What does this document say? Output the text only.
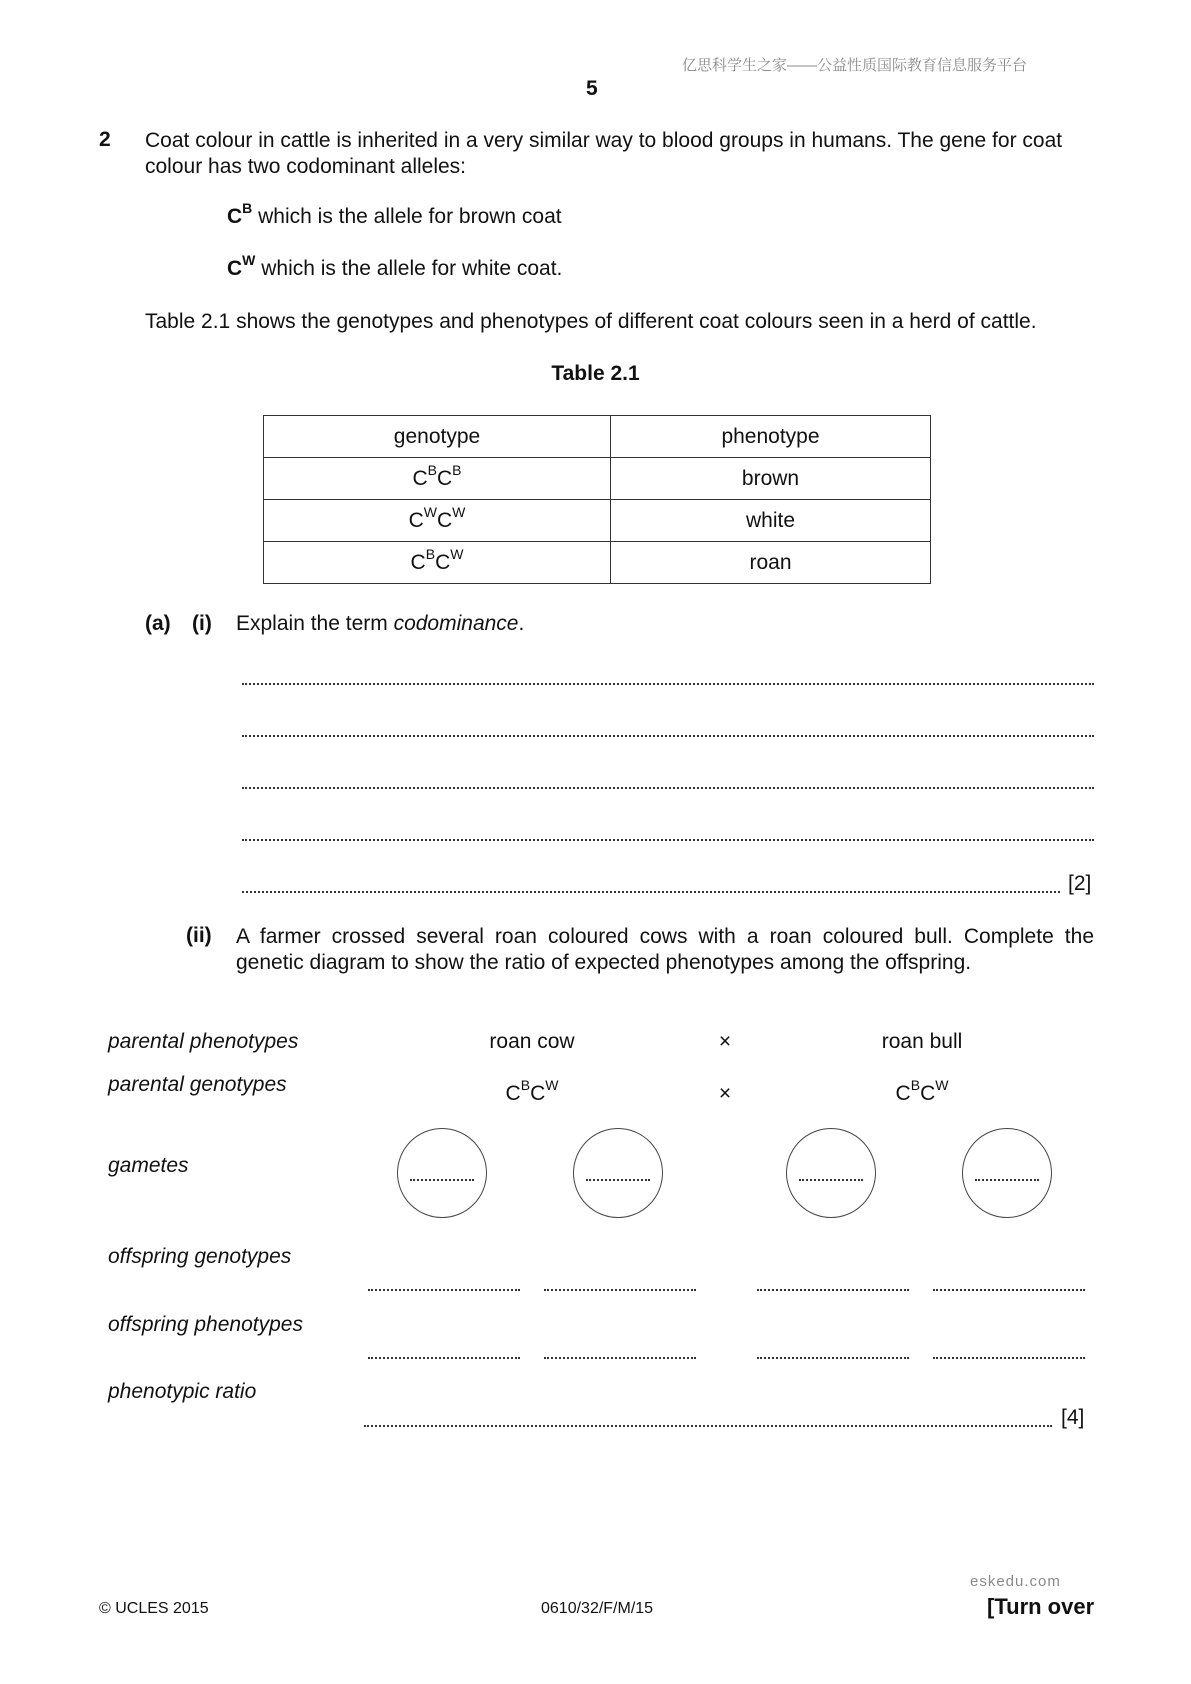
亿思科学生之家——公益性质国际教育信息服务平台
5
2 Coat colour in cattle is inherited in a very similar way to blood groups in humans. The gene for coat colour has two codominant alleles:
$C^B$ which is the allele for brown coat
$C^W$ which is the allele for white coat.
Table 2.1 shows the genotypes and phenotypes of different coat colours seen in a herd of cattle.
Table 2.1
genotype	phenotype
$C^BC^B$	brown
$C^WC^W$	white
$C^BC^W$	roan
(a) (i) Explain the term codominance.
[2]
(ii) A farmer crossed several roan coloured cows with a roan coloured bull. Complete the genetic diagram to show the ratio of expected phenotypes among the offspring.
parental phenotypes	roan cow	×	roan bull
parental genotypes	$C^BC^W$	×	$C^BC^W$
gametes
offspring genotypes
offspring phenotypes
phenotypic ratio
[4]
eskedu.com
© UCLES 2015	0610/32/F/M/15	[Turn over
